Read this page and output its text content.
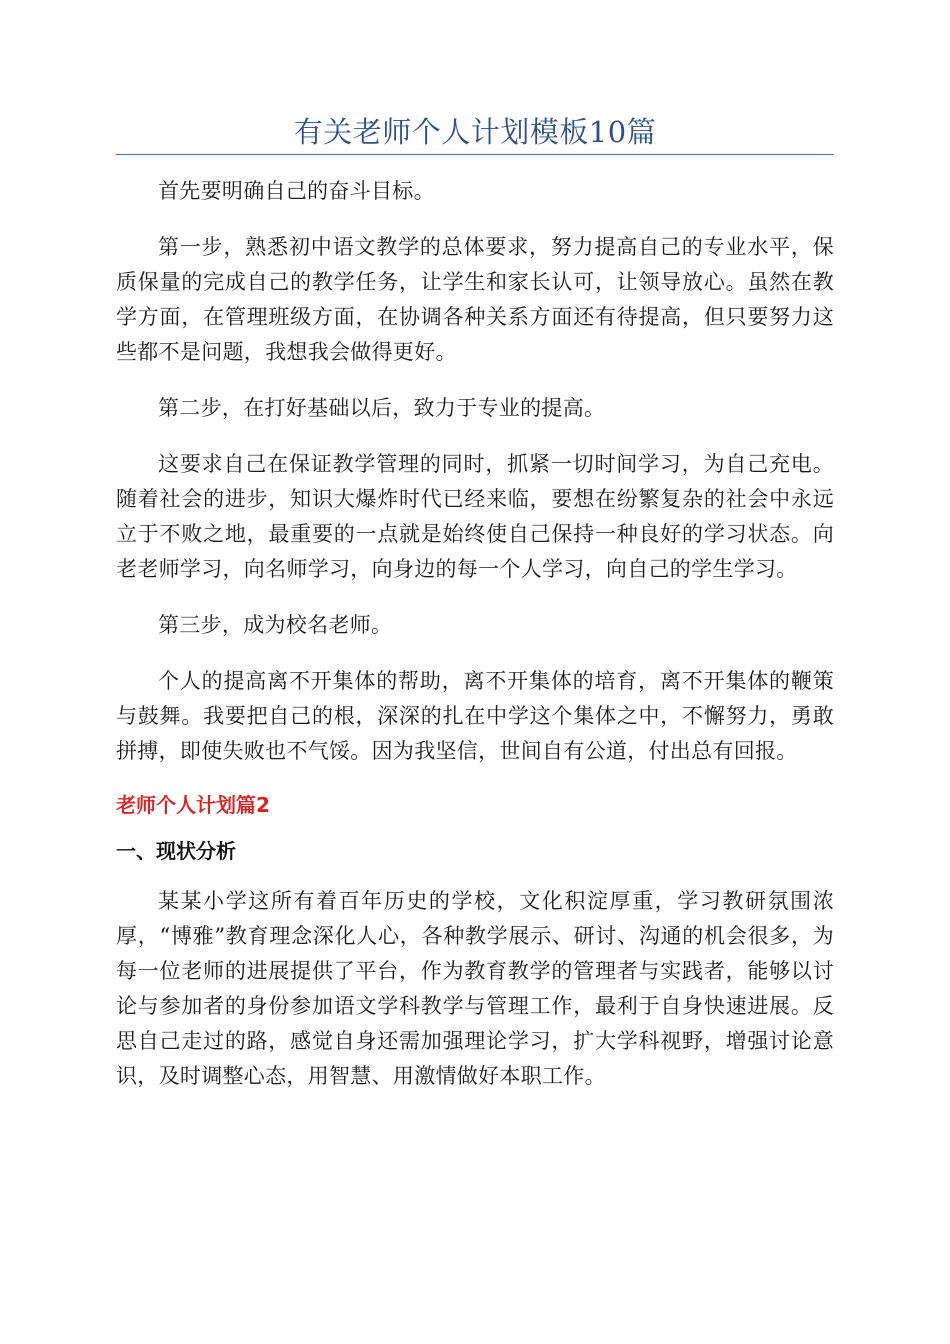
有关老师个人计划模板10篇

首先要明确自己的奋斗目标。

第一步，熟悉初中语文教学的总体要求，努力提高自己的专业水平，保质保量的完成自己的教学任务，让学生和家长认可，让领导放心。虽然在教学方面，在管理班级方面，在协调各种关系方面还有待提高，但只要努力这些都不是问题，我想我会做得更好。

第二步，在打好基础以后，致力于专业的提高。

这要求自己在保证教学管理的同时，抓紧一切时间学习，为自己充电。随着社会的进步，知识大爆炸时代已经来临，要想在纷繁复杂的社会中永远立于不败之地，最重要的一点就是始终使自己保持一种良好的学习状态。向老老师学习，向名师学习，向身边的每一个人学习，向自己的学生学习。

第三步，成为校名老师。

个人的提高离不开集体的帮助，离不开集体的培育，离不开集体的鞭策与鼓舞。我要把自己的根，深深的扎在中学这个集体之中，不懈努力，勇敢拼搏，即使失败也不气馁。因为我坚信，世间自有公道，付出总有回报。

老师个人计划篇2
一、现状分析

某某小学这所有着百年历史的学校，文化积淀厚重，学习教研氛围浓厚，“博雅”教育理念深化人心，各种教学展示、研讨、沟通的机会很多，为每一位老师的进展提供了平台，作为教育教学的管理者与实践者，能够以讨论与参加者的身份参加语文学科教学与管理工作，最利于自身快速进展。反思自己走过的路，感觉自身还需加强理论学习，扩大学科视野，增强讨论意识，及时调整心态，用智慧、用激情做好本职工作。
